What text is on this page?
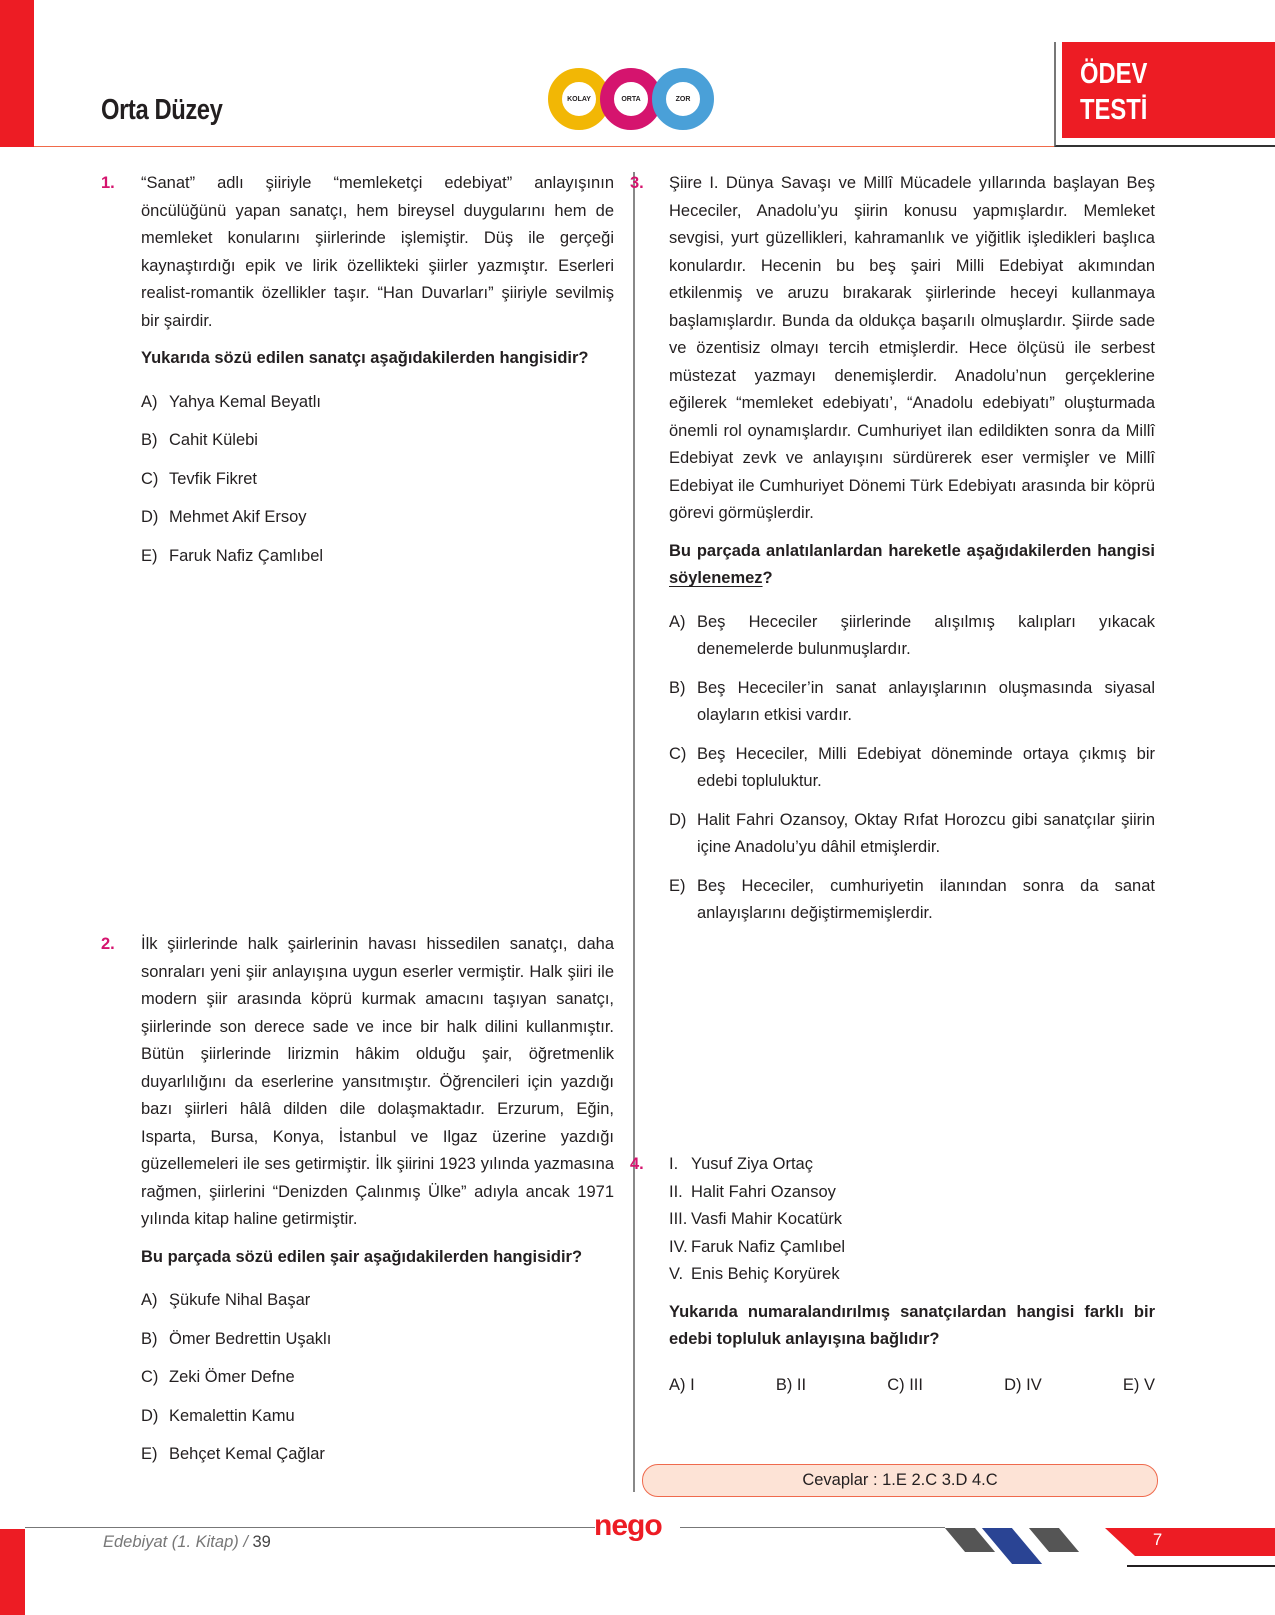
Orta Düzey	KOLAY	ORTA	ZOR
ÖDEV
TESTİ
1. “Sanat” adlı şiiriyle “memleketçi edebiyat” anlayışının öncülüğünü yapan sanatçı, hem bireysel duygularını hem de memleket konularını şiirlerinde işlemiştir. Düş ile gerçeği kaynaştırdığı epik ve lirik özellikteki şiirler yazmıştır. Eserleri realist-romantik özellikler taşır. “Han Duvarları” şiiriyle sevilmiş bir şairdir.

Yukarıda sözü edilen sanatçı aşağıdakilerden hangisidir?

A) Yahya Kemal Beyatlı
B) Cahit Külebi
C) Tevfik Fikret
D) Mehmet Akif Ersoy
E) Faruk Nafiz Çamlıbel
2. İlk şiirlerinde halk şairlerinin havası hissedilen sanatçı, daha sonraları yeni şiir anlayışına uygun eserler vermiştir. Halk şiiri ile modern şiir arasında köprü kurmak amacını taşıyan sanatçı, şiirlerinde son derece sade ve ince bir halk dilini kullanmıştır. Bütün şiirlerinde lirizmin hâkim olduğu şair, öğretmenlik duyarlılığını da eserlerine yansıtmıştır. Öğrencileri için yazdığı bazı şiirleri hâlâ dilden dile dolaşmaktadır. Erzurum, Eğin, Isparta, Bursa, Konya, İstanbul ve Ilgaz üzerine yazdığı güzellemeleri ile ses getirmiştir. İlk şiirini 1923 yılında yazmasına rağmen, şiirlerini “Denizden Çalınmış Ülke” adıyla ancak 1971 yılında kitap haline getirmiştir.

Bu parçada sözü edilen şair aşağıdakilerden hangisidir?

A) Şükufe Nihal Başar
B) Ömer Bedrettin Uşaklı
C) Zeki Ömer Defne
D) Kemalettin Kamu
E) Behçet Kemal Çağlar
3. Şiire I. Dünya Savaşı ve Millî Mücadele yıllarında başlayan Beş Hececiler, Anadolu’yu şiirin konusu yapmışlardır. Memleket sevgisi, yurt güzellikleri, kahramanlık ve yiğitlik işledikleri başlıca konulardır. Hecenin bu beş şairi Milli Edebiyat akımından etkilenmiş ve aruzu bırakarak şiirlerinde heceyi kullanmaya başlamışlardır. Bunda da oldukça başarılı olmuşlardır. Şiirde sade ve özentisiz olmayı tercih etmişlerdir. Hece ölçüsü ile serbest müstezat yazmayı denemişlerdir. Anadolu’nun gerçeklerine eğilerek “memleket edebiyatı’, “Anadolu edebiyatı” oluşturmada önemli rol oynamışlardır. Cumhuriyet ilan edildikten sonra da Millî Edebiyat zevk ve anlayışını sürdürerek eser vermişler ve Millî Edebiyat ile Cumhuriyet Dönemi Türk Edebiyatı arasında bir köprü görevi görmüşlerdir.

Bu parçada anlatılanlardan hareketle aşağıdakilerden hangisi söylenemez?

A) Beş Hececiler şiirlerinde alışılmış kalıpları yıkacak denemelerde bulunmuşlardır.
B) Beş Hececiler’in sanat anlayışlarının oluşmasında siyasal olayların etkisi vardır.
C) Beş Hececiler, Milli Edebiyat döneminde ortaya çıkmış bir edebi topluluktur.
D) Halit Fahri Ozansoy, Oktay Rıfat Horozcu gibi sanatçılar şiirin içine Anadolu’yu dâhil etmişlerdir.
E) Beş Hececiler, cumhuriyetin ilanından sonra da sanat anlayışlarını değiştirmemişlerdir.
4. I. Yusuf Ziya Ortaç
II. Halit Fahri Ozansoy
III. Vasfi Mahir Kocatürk
IV. Faruk Nafiz Çamlıbel
V. Enis Behiç Koryürek

Yukarıda numaralandırılmış sanatçılardan hangisi farklı bir edebi topluluk anlayışına bağlıdır?

A) I	B) II	C) III	D) IV	E) V
Cevaplar : 1.E 2.C 3.D 4.C
Edebiyat (1. Kitap) / 39	nego	7
